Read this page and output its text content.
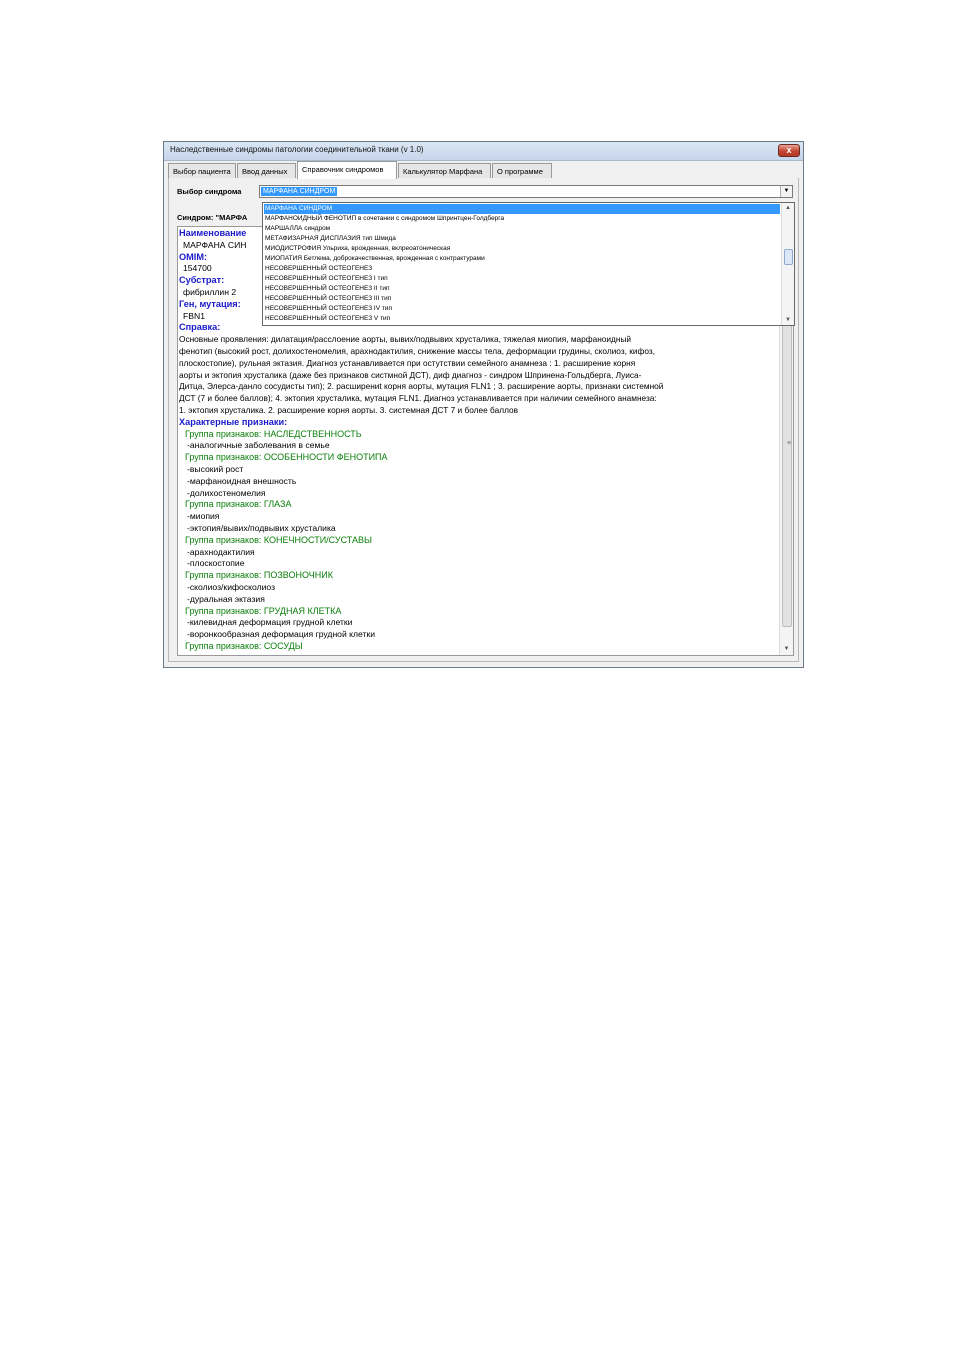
Наследственные синдромы патологии соединительной ткани (v 1.0)	x
Выбор пациента	Ввод данных	Справочник синдромов	Калькулятор Марфана	О программе
Выбор синдрома	МАРФАНА СИНДРОМ	▼
Синдром: "МАРФА
Наименование
МАРФАНА СИН
OMIM:
154700
Субстрат:
фибриллин 2
Ген, мутация:
FBN1
Справка:
Основные проявления: дилатация/расслоение аорты, вывих/подвывих хрусталика, тяжелая миопия, марфаноидный
фенотип (высокий рост, долихостеномелия, арахнодактилия, снижение массы тела, деформации грудины, сколиоз, кифоз,
плоскостопие), рульная эктазия. Диагноз устанавливается при остутствии семейного анамнеза : 1. расширение корня
аорты и эктопия хрусталика (даже без признаков систмной ДСТ), диф диагноз - синдром Шпринена-Гольдберга, Луиса-
Дитца, Элерса-данло сосудисты тип); 2. расширениt корня аорты, мутация FLN1 ; 3. расширение аорты, признаки системной
ДСТ (7 и более баллов); 4. эктопия хрусталика, мутация FLN1. Диагноз устанавливается при наличии семейного анамнеза:
1. эктопия хрусталика. 2. расширение корня аорты. 3. системная ДСТ 7 и более баллов
Характерные признаки:
Группа признаков: НАСЛЕДСТВЕННОСТЬ
-аналогичные заболевания в семье
Группа признаков: ОСОБЕННОСТИ ФЕНОТИПА
-высокий рост
-марфаноидная внешность
-долихостеномелия
Группа признаков: ГЛАЗА
-миопия
-эктопия/вывих/подвывих хрусталика
Группа признаков: КОНЕЧНОСТИ/СУСТАВЫ
-арахнодактилия
-плоскостопие
Группа признаков: ПОЗВОНОЧНИК
-сколиоз/кифосколиоз
-дуральная эктазия
Группа признаков: ГРУДНАЯ КЛЕТКА
-килевидная деформация грудной клетки
-воронкообразная деформация грудной клетки
Группа признаков: СОСУДЫ
≡
▼
МАРФАНА СИНДРОМ
МАРФАНОИДНЫЙ ФЕНОТИП в сочетании с синдромом Шпринтцен-Голдберга
МАРШАЛЛА синдром
МЕТАФИЗАРНАЯ ДИСПЛАЗИЯ тип Шмида
МИОДИСТРОФИЯ Ульриха, врожденная, вклреоатоническая
МИОПАТИЯ Бетлема, доброкачественная, врожденная с контрактурами
НЕСОВЕРШЕННЫЙ ОСТЕОГЕНЕЗ
НЕСОВЕРШЕННЫЙ ОСТЕОГЕНЕЗ I тип
НЕСОВЕРШЕННЫЙ ОСТЕОГЕНЕЗ II тип
НЕСОВЕРШЕННЫЙ ОСТЕОГЕНЕЗ III тип
НЕСОВЕРШЕННЫЙ ОСТЕОГЕНЕЗ IV тип
НЕСОВЕРШЕННЫЙ ОСТЕОГЕНЕЗ V тип
▲
▼
